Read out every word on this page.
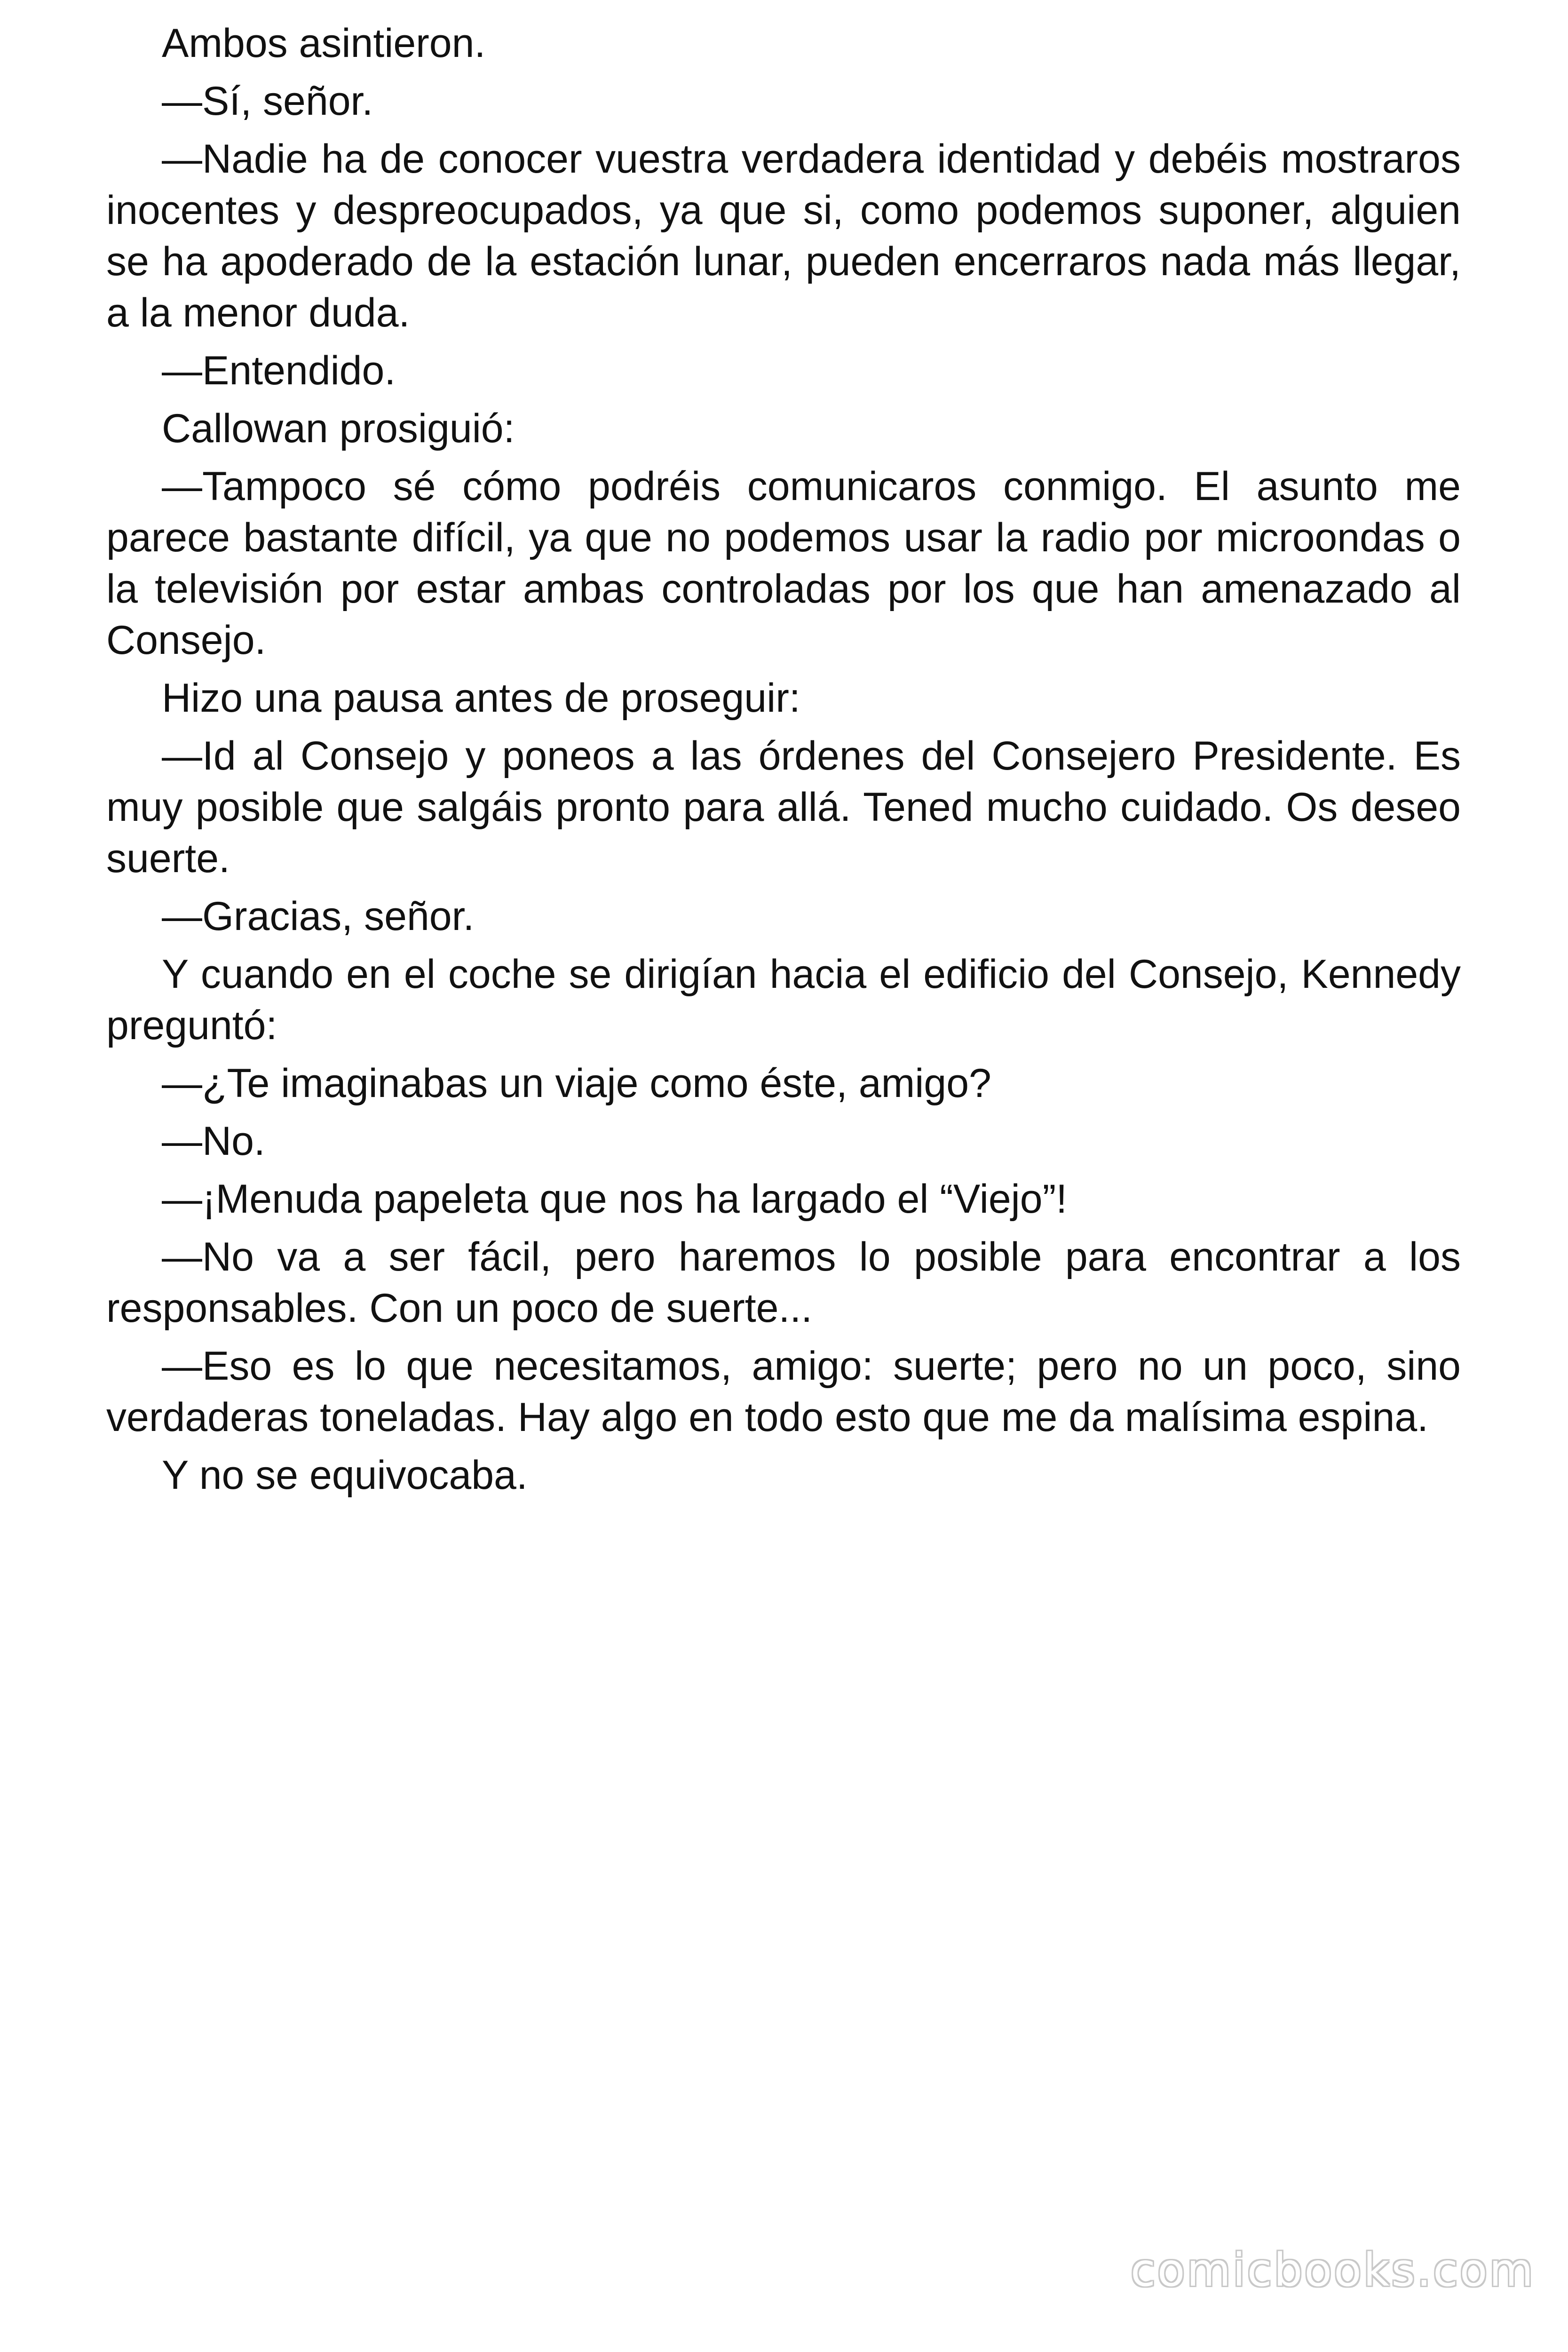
Ambos asintieron.

—Sí, señor.

—Nadie ha de conocer vuestra verdadera identidad y debéis mostraros inocentes y despreocupados, ya que si, como podemos suponer, alguien se ha apoderado de la estación lunar, pueden encerraros nada más llegar, a la menor duda.

—Entendido.

Callowan prosiguió:

—Tampoco sé cómo podréis comunicaros conmigo. El asunto me parece bastante difícil, ya que no podemos usar la radio por microondas o la televisión por estar ambas controladas por los que han amenazado al Consejo.

Hizo una pausa antes de proseguir:

—Id al Consejo y poneos a las órdenes del Consejero Presidente. Es muy posible que salgáis pronto para allá. Tened mucho cuidado. Os deseo suerte.

—Gracias, señor.

Y cuando en el coche se dirigían hacia el edificio del Consejo, Kennedy preguntó:

—¿Te imaginabas un viaje como éste, amigo?

—No.

—¡Menuda papeleta que nos ha largado el “Viejo”!

—No va a ser fácil, pero haremos lo posible para encontrar a los responsables. Con un poco de suerte...

—Eso es lo que necesitamos, amigo: suerte; pero no un poco, sino verdaderas toneladas. Hay algo en todo esto que me da malísima espina.

Y no se equivocaba.

comicbooks.com
